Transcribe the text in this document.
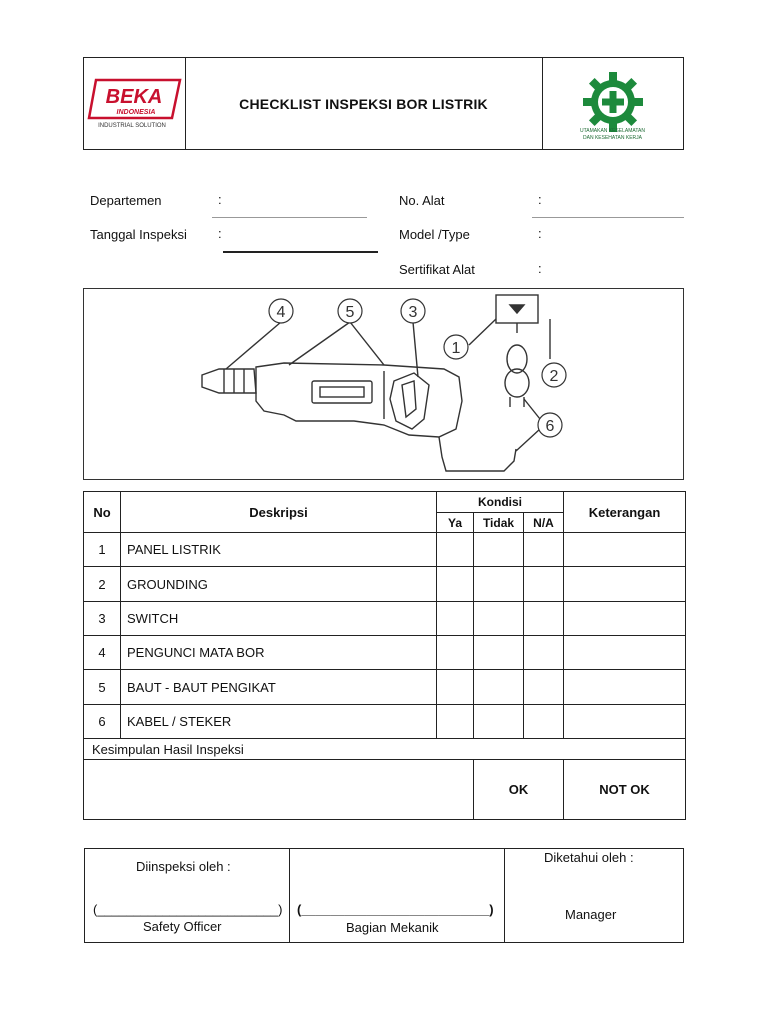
BEKA
INDONESIA
INDUSTRIAL SOLUTION
CHECKLIST INSPEKSI BOR LISTRIK
UTAMAKAN KESELAMATAN
DAN KESEHATAN KERJA
Departemen	:
Tanggal Inspeksi :
No. Alat	:
Model /Type	:
Sertifikat Alat	:
4	5	3
1
2
6
No	Deskripsi	Kondisi			Keterangan
		Ya	Tidak	N/A	
1	PANEL LISTRIK				
2	GROUNDING				
3	SWITCH				
4	PENGUNCI MATA BOR				
5	BAUT - BAUT PENGIKAT				
6	KABEL / STEKER				
Kesimpulan Hasil Inspeksi					
			OK		NOT OK
Diinspeksi oleh :
(_________________________)
Safety Officer
(__________________________)
Bagian Mekanik
Diketahui oleh :
Manager
